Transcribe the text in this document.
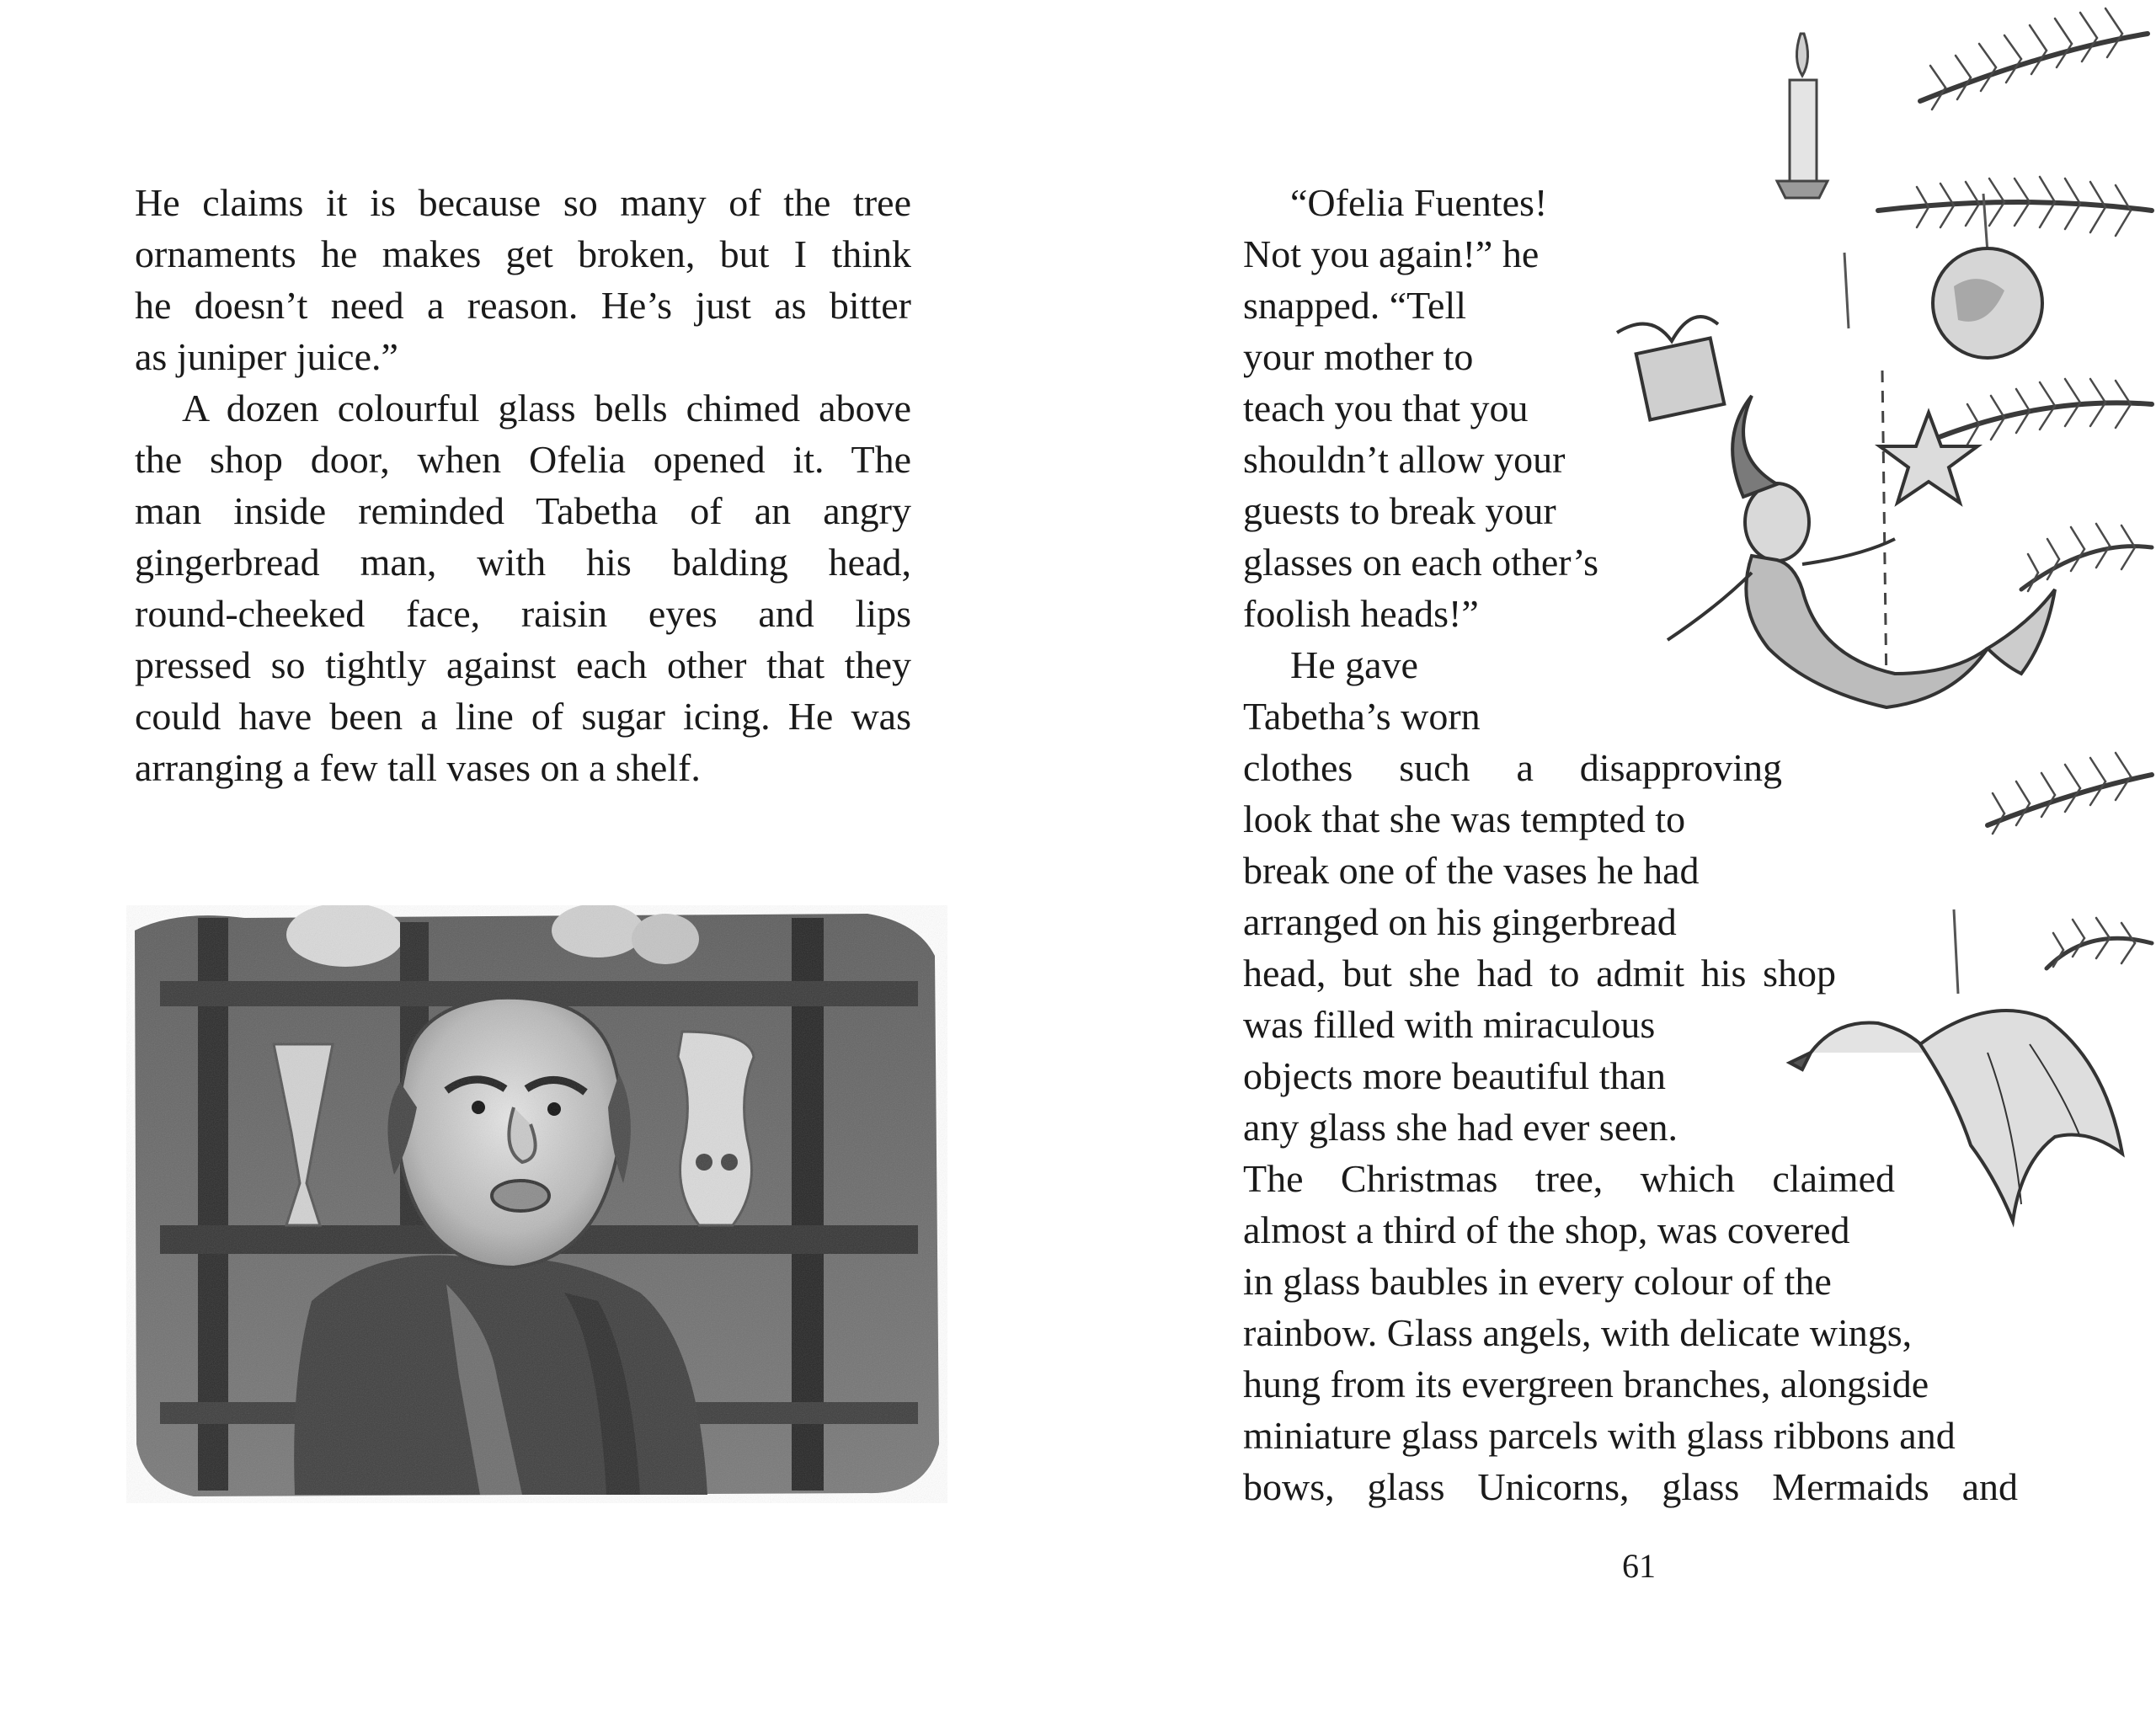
He claims it is because so many of the tree
ornaments he makes get broken, but I think
he doesn’t need a reason. He’s just as bitter
as juniper juice.”
A dozen colourful glass bells chimed above
the shop door, when Ofelia opened it. The
man inside reminded Tabetha of an angry
gingerbread man, with his balding head,
round-cheeked face, raisin eyes and lips
pressed so tightly against each other that they
could have been a line of sugar icing. He was
arranging a few tall vases on a shelf.
“Ofelia Fuentes!
Not you again!” he
snapped. “Tell
your mother to
teach you that you
shouldn’t allow your
guests to break your
glasses on each other’s
foolish heads!”
He gave
Tabetha’s worn
clothes such a disapproving
look that she was tempted to
break one of the vases he had
arranged on his gingerbread
head, but she had to admit his shop
was filled with miraculous
objects more beautiful than
any glass she had ever seen.
The Christmas tree, which claimed
almost a third of the shop, was covered
in glass baubles in every colour of the
rainbow. Glass angels, with delicate wings,
hung from its evergreen branches, alongside
miniature glass parcels with glass ribbons and
bows, glass Unicorns, glass Mermaids and
61
